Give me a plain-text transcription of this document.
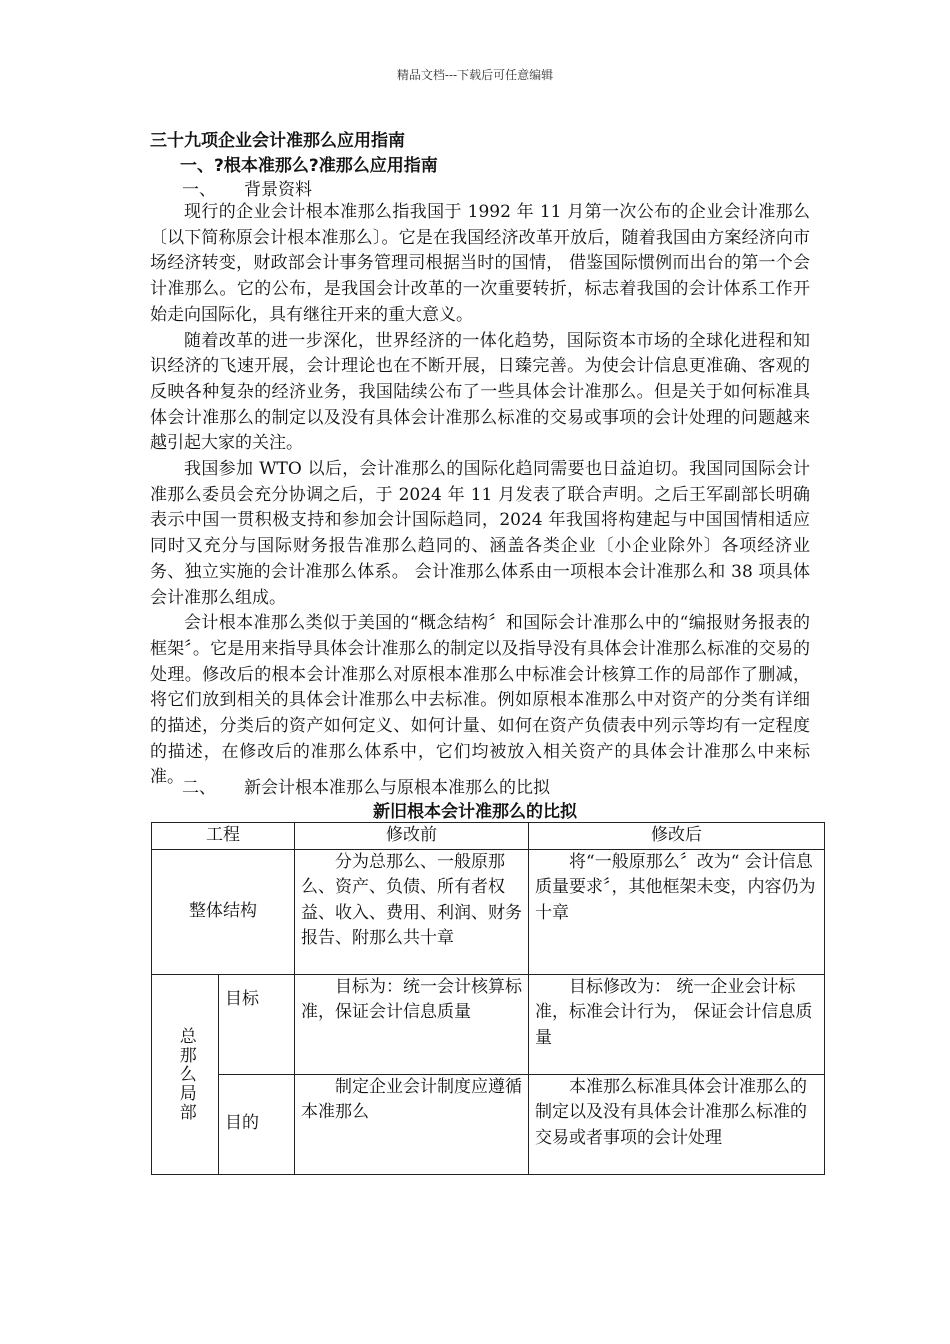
精品文档---下载后可任意编辑
三十九项企业会计准那么应用指南
一、?根本准那么?准那么应用指南
一、 背景资料

现行的企业会计根本准那么指我国于 1992 年 11 月第一次公布的企业会计准那么〔以下简称原会计根本准那么〕。它是在我国经济改革开放后，随着我国由方案经济向市场经济转变，财政部会计事务管理司根据当时的国情， 借鉴国际惯例而出台的第一个会计准那么。它的公布，是我国会计改革的一次重要转折，标志着我国的会计体系工作开始走向国际化，具有继往开来的重大意义。

随着改革的进一步深化，世界经济的一体化趋势，国际资本市场的全球化进程和知识经济的飞速开展，会计理论也在不断开展，日臻完善。为使会计信息更准确、客观的反映各种复杂的经济业务，我国陆续公布了一些具体会计准那么。但是关于如何标准具体会计准那么的制定以及没有具体会计准那么标准的交易或事项的会计处理的问题越来越引起大家的关注。

我国参加 WTO 以后，会计准那么的国际化趋同需要也日益迫切。我国同国际会计准那么委员会充分协调之后，于 2024 年 11 月发表了联合声明。之后王军副部长明确表示中国一贯积极支持和参加会计国际趋同，2024 年我国将构建起与中国国情相适应同时又充分与国际财务报告准那么趋同的、涵盖各类企业〔小企业除外〕各项经济业务、独立实施的会计准那么体系。 会计准那么体系由一项根本会计准那么和 38 项具体会计准那么组成。

会计根本准那么类似于美国的“概念结构〞和国际会计准那么中的“编报财务报表的框架〞。它是用来指导具体会计准那么的制定以及指导没有具体会计准那么标准的交易的处理。修改后的根本会计准那么对原根本准那么中标准会计核算工作的局部作了删减，将它们放到相关的具体会计准那么中去标准。例如原根本准那么中对资产的分类有详细的描述，分类后的资产如何定义、如何计量、如何在资产负债表中列示等均有一定程度的描述，在修改后的准那么体系中，它们均被放入相关资产的具体会计准那么中来标准。

二、 新会计根本准那么与原根本准那么的比拟
新旧根本会计准那么的比拟
工程		修改前	修改后
整体结构		分为总那么、一般原那么、资产、负债、所有者权益、收入、费用、利润、财务报告、附那么共十章	将“一般原那么〞改为“ 会计信息质量要求〞，其他框架未变，内容仍为十章

总那么局部	目标	目标为：统一会计核算标准，保证会计信息质量	目标修改为： 统一企业会计标准，标准会计行为， 保证会计信息质量
	目的	制定企业会计制度应遵循本准那么	本准那么标准具体会计准那么的制定以及没有具体会计准那么标准的交易或者事项的会计处理
